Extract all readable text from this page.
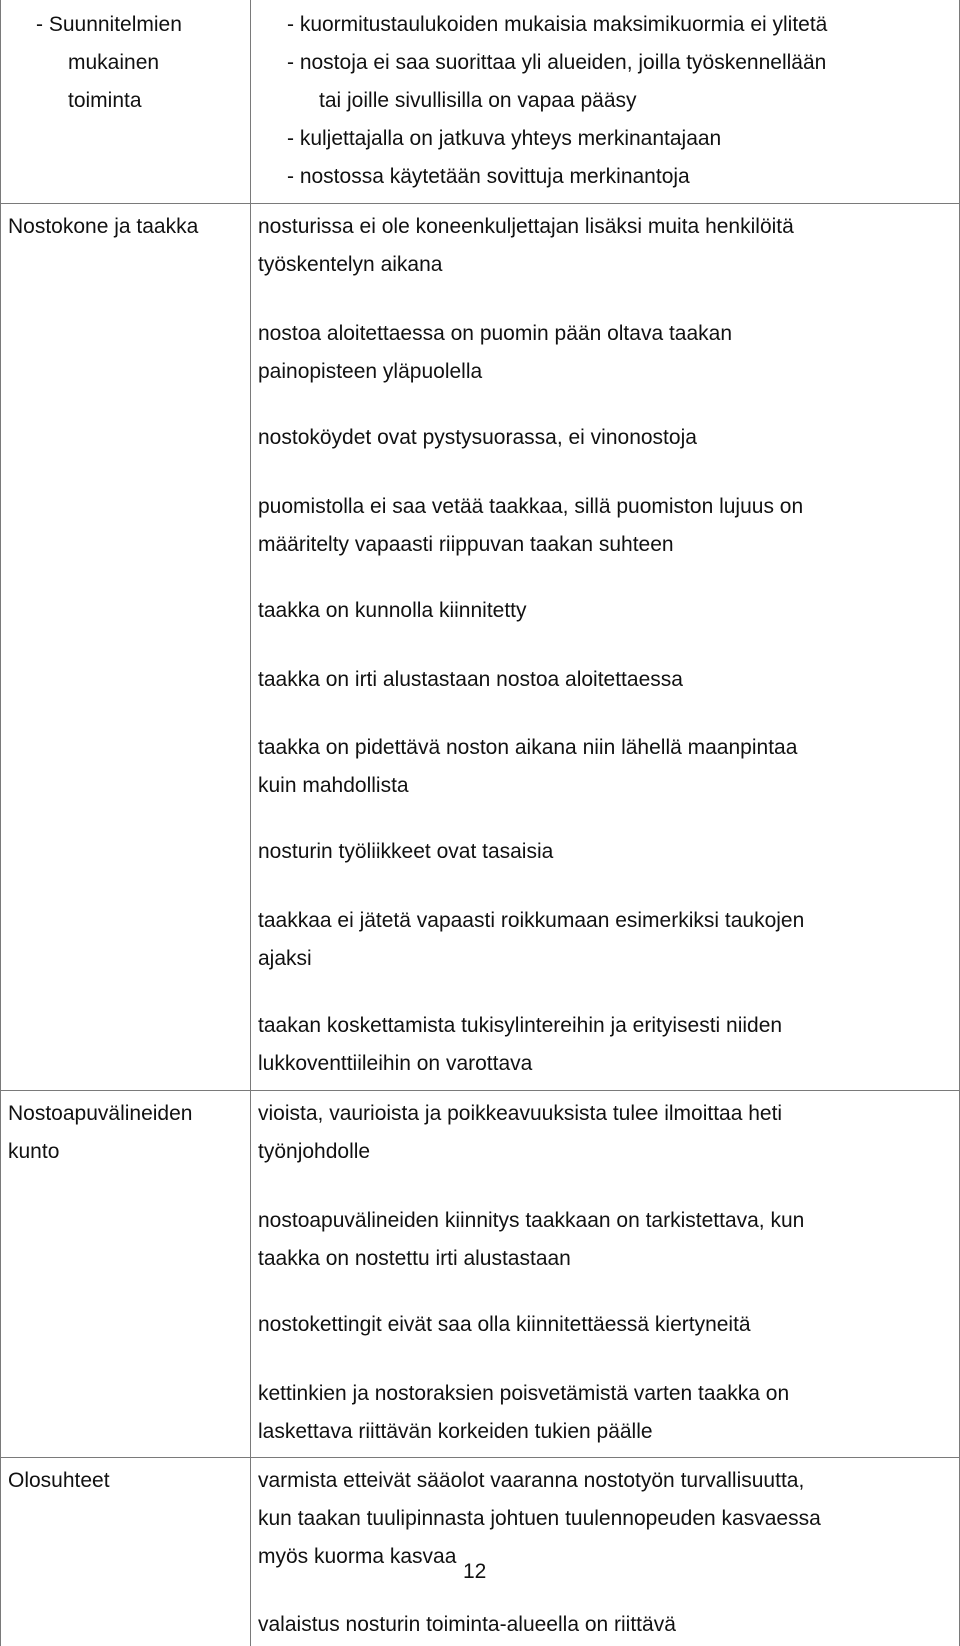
- Suunnitelmien
mukainen
toiminta
- kuormitustaulukoiden mukaisia maksimikuormia ei ylitetä
- nostoja ei saa suorittaa yli alueiden, joilla työskennellään
tai joille sivullisilla on vapaa pääsy
- kuljettajalla on jatkuva yhteys merkinantajaan
- nostossa käytetään sovittuja merkinantoja
Nostokone ja taakka	nosturissa ei ole koneenkuljettajan lisäksi muita henkilöitä
työskentelyn aikana
nostoa aloitettaessa on puomin pään oltava taakan
painopisteen yläpuolella
nostoköydet ovat pystysuorassa, ei vinonostoja
puomistolla ei saa vetää taakkaa, sillä puomiston lujuus on
määritelty vapaasti riippuvan taakan suhteen
taakka on kunnolla kiinnitetty
taakka on irti alustastaan nostoa aloitettaessa
taakka on pidettävä noston aikana niin lähellä maanpintaa
kuin mahdollista
nosturin työliikkeet ovat tasaisia
taakkaa ei jätetä vapaasti roikkumaan esimerkiksi taukojen
ajaksi
taakan koskettamista tukisylintereihin ja erityisesti niiden
lukkoventtiileihin on varottava
Nostoapuvälineiden
kunto
vioista, vaurioista ja poikkeavuuksista tulee ilmoittaa heti
työnjohdolle
nostoapuvälineiden kiinnitys taakkaan on tarkistettava, kun
taakka on nostettu irti alustastaan
nostokettingit eivät saa olla kiinnitettäessä kiertyneitä
kettinkien ja nostoraksien poisvetämistä varten taakka on
laskettava riittävän korkeiden tukien päälle
Olosuhteet	varmista etteivät sääolot vaaranna nostotyön turvallisuutta,
kun taakan tuulipinnasta johtuen tuulennopeuden kasvaessa
myös kuorma kasvaa
valaistus nosturin toiminta-alueella on riittävä
12
